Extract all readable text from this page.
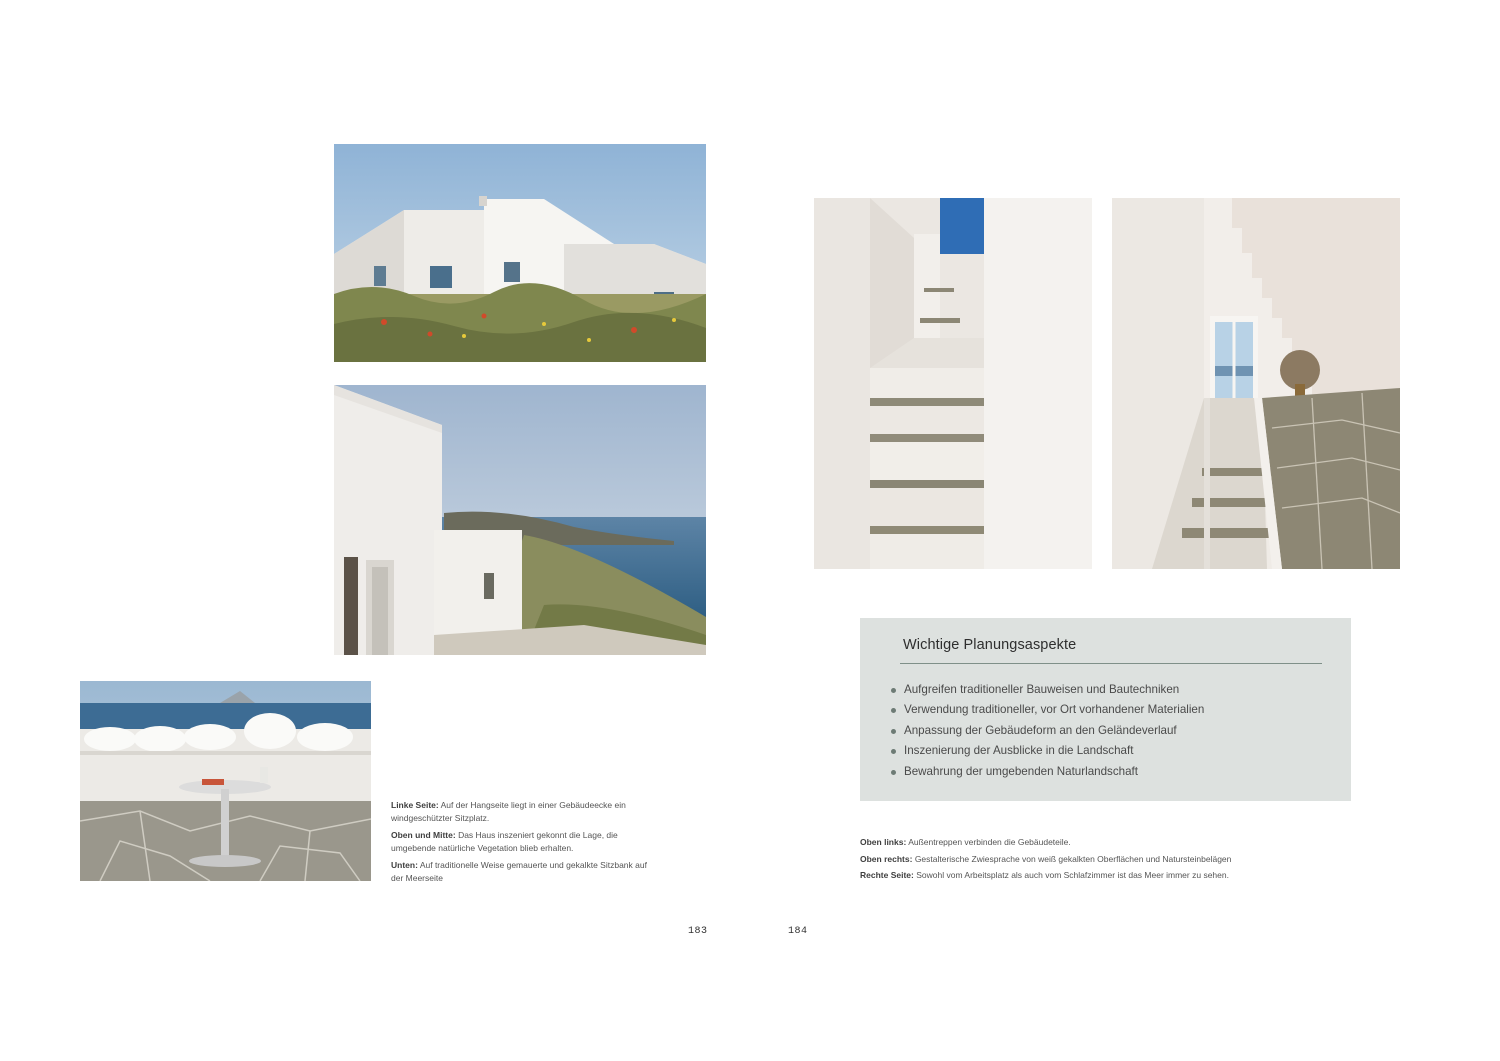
Linke Seite: Auf der Hangseite liegt in einer Gebäudeecke ein windgeschützter Sitzplatz.

Oben und Mitte: Das Haus inszeniert gekonnt die Lage, die umgebende natürliche Vegetation blieb erhalten.

Unten: Auf traditionelle Weise gemauerte und gekalkte Sitzbank auf der Meerseite

Wichtige Planungsaspekte
Aufgreifen traditioneller Bauweisen und Bautechniken
Verwendung traditioneller, vor Ort vorhandener Materialien
Anpassung der Gebäudeform an den Geländeverlauf
Inszenierung der Ausblicke in die Landschaft
Bewahrung der umgebenden Naturlandschaft

Oben links: Außentreppen verbinden die Gebäudeteile.

Oben rechts: Gestalterische Zwiesprache von weiß gekalkten Oberflächen und Natursteinbelägen

Rechte Seite: Sowohl vom Arbeitsplatz als auch vom Schlafzimmer ist das Meer immer zu sehen.

183	184
